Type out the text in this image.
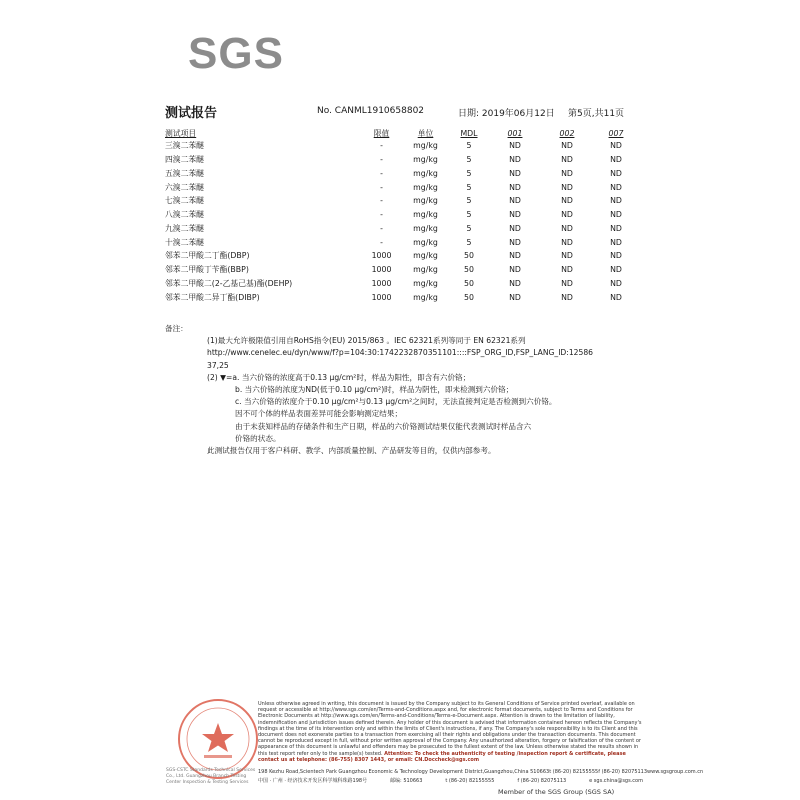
SGS
测试报告	No. CANML1910658802	日期: 2019年06月12日 第5页,共11页
测试项目	限值	单位	MDL	001	002	007
三溴二苯醚	-	mg/kg	5	ND	ND	ND
四溴二苯醚	-	mg/kg	5	ND	ND	ND
五溴二苯醚	-	mg/kg	5	ND	ND	ND
六溴二苯醚	-	mg/kg	5	ND	ND	ND
七溴二苯醚	-	mg/kg	5	ND	ND	ND
八溴二苯醚	-	mg/kg	5	ND	ND	ND
九溴二苯醚	-	mg/kg	5	ND	ND	ND
十溴二苯醚	-	mg/kg	5	ND	ND	ND
邻苯二甲酸二丁酯(DBP)	1000	mg/kg	50	ND	ND	ND
邻苯二甲酸丁苄酯(BBP)	1000	mg/kg	50	ND	ND	ND
邻苯二甲酸二(2-乙基己基)酯(DEHP)	1000	mg/kg	50	ND	ND	ND
邻苯二甲酸二异丁酯(DIBP)	1000	mg/kg	50	ND	ND	ND
备注：
(1)最大允许极限值引用自RoHS指令(EU) 2015/863 。IEC 62321系列等同于 EN 62321系列
http://www.cenelec.eu/dyn/www/f?p=104:30:1742232870351101::::FSP_ORG_ID,FSP_LANG_ID:12586
37,25
(2) ▼=a. 当六价铬的浓度高于0.13 μg/cm²时，样品为阳性，即含有六价铬；
b. 当六价铬的浓度为ND(低于0.10 μg/cm²)时，样品为阴性，即未检测到六价铬；
c. 当六价铬的浓度介于0.10 μg/cm²与0.13 μg/cm²之间时，无法直接判定是否检测到六价铬。
因不可个体的样品表面差异可能会影响测定结果；
由于未获知样品的存储条件和生产日期，样品的六价铬测试结果仅能代表测试时样品含六
价铬的状态。
此测试报告仅用于客户科研、教学、内部质量控制、产品研发等目的，仅供内部参考。
SGS-CSTC Standards Technical Services Co., Ltd. Guangzhou Branch Testing Center Inspection & Testing Services
Unless otherwise agreed in writing, this document is issued by the Company subject to its General Conditions of Service printed overleaf, available on request or accessible at http://www.sgs.com/en/Terms-and-Conditions.aspx and, for electronic format documents, subject to Terms and Conditions for Electronic Documents at http://www.sgs.com/en/Terms-and-Conditions/Terms-e-Document.aspx. Attention is drawn to the limitation of liability, indemnification and jurisdiction issues defined therein. Any holder of this document is advised that information contained hereon reflects the Company's findings at the time of its intervention only and within the limits of Client's instructions, if any. The Company's sole responsibility is to its Client and this document does not exonerate parties to a transaction from exercising all their rights and obligations under the transaction documents. This document cannot be reproduced except in full, without prior written approval of the Company. Any unauthorized alteration, forgery or falsification of the content or appearance of this document is unlawful and offenders may be prosecuted to the fullest extent of the law. Unless otherwise stated the results shown in this test report refer only to the sample(s) tested. Attention: To check the authenticity of testing /inspection report & certificate, please contact us at telephone: (86-755) 8307 1443, or email: CN.Doccheck@sgs.com
198 Kezhu Road,Scientech Park Guangzhou Economic & Technology Development District,Guangzhou,China 510663 t (86-20) 82155555 f (86-20) 82075113 www.sgsgroup.com.cn
中国 · 广州 · 经济技术开发区科学城科珠路198号	邮编: 510663	t (86-20) 82155555	f (86-20) 82075113	e sgs.china@sgs.com
Member of the SGS Group (SGS SA)
